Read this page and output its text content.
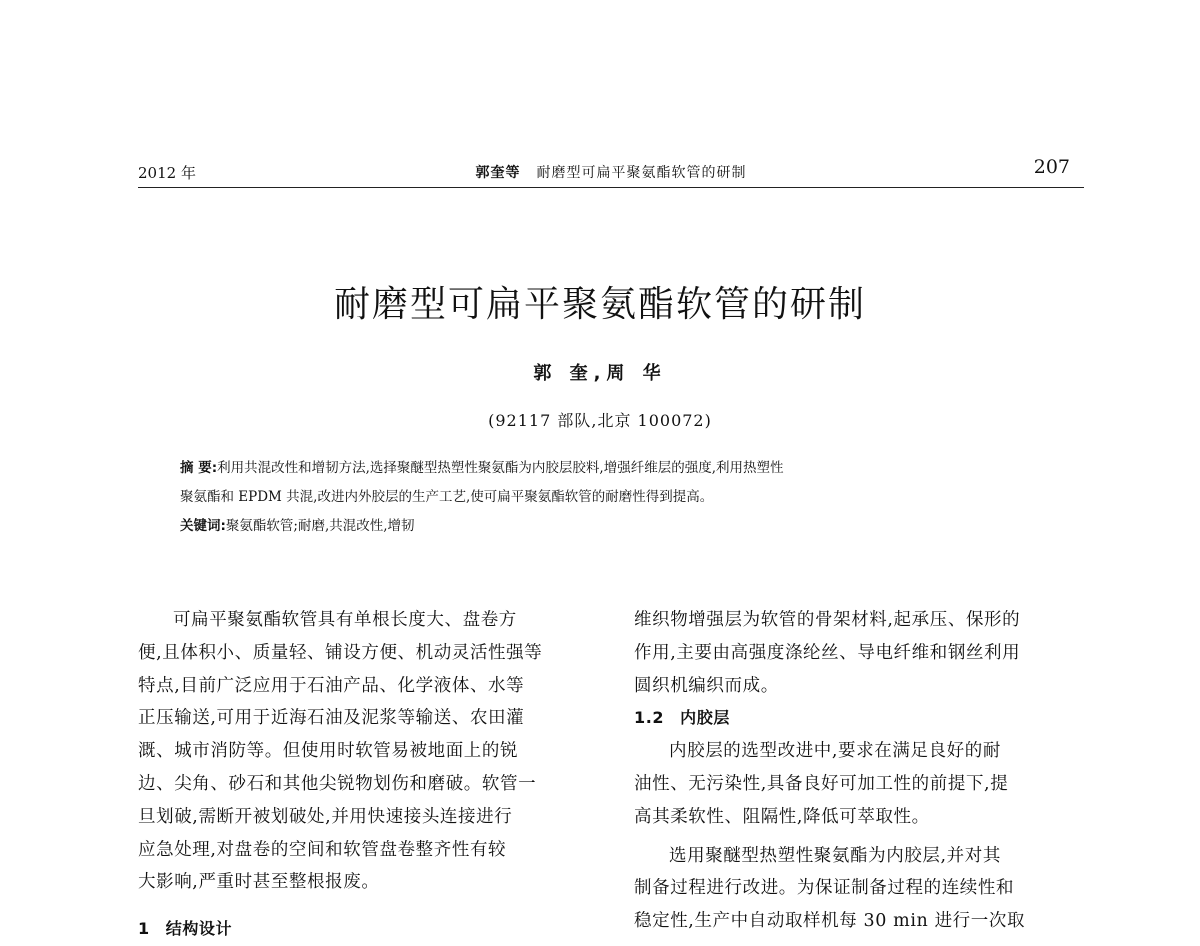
2012 年	郭奎等 耐磨型可扁平聚氨酯软管的研制	207
耐磨型可扁平聚氨酯软管的研制
郭 奎,周 华
(92117 部队,北京 100072)

摘 要:利用共混改性和增韧方法,选择聚醚型热塑性聚氨酯为内胶层胶料,增强纤维层的强度,利用热塑性

聚氨酯和 EPDM 共混,改进内外胶层的生产工艺,使可扁平聚氨酯软管的耐磨性得到提高。

关键词:聚氨酯软管;耐磨,共混改性,增韧

可扁平聚氨酯软管具有单根长度大、盘卷方

便,且体积小、质量轻、铺设方便、机动灵活性强等

特点,目前广泛应用于石油产品、化学液体、水等

正压输送,可用于近海石油及泥浆等输送、农田灌

溉、城市消防等。但使用时软管易被地面上的锐

边、尖角、砂石和其他尖锐物划伤和磨破。软管一

旦划破,需断开被划破处,并用快速接头连接进行

应急处理,对盘卷的空间和软管盘卷整齐性有较

大影响,严重时甚至整根报废。

1 结构设计

维织物增强层为软管的骨架材料,起承压、保形的

作用,主要由高强度涤纶丝、导电纤维和钢丝利用

圆织机编织而成。

1.2 内胶层

内胶层的选型改进中,要求在满足良好的耐

油性、无污染性,具备良好可加工性的前提下,提

高其柔软性、阻隔性,降低可萃取性。

选用聚醚型热塑性聚氨酯为内胶层,并对其

制备过程进行改进。为保证制备过程的连续性和

稳定性,生产中自动取样机每 30 min 进行一次取
